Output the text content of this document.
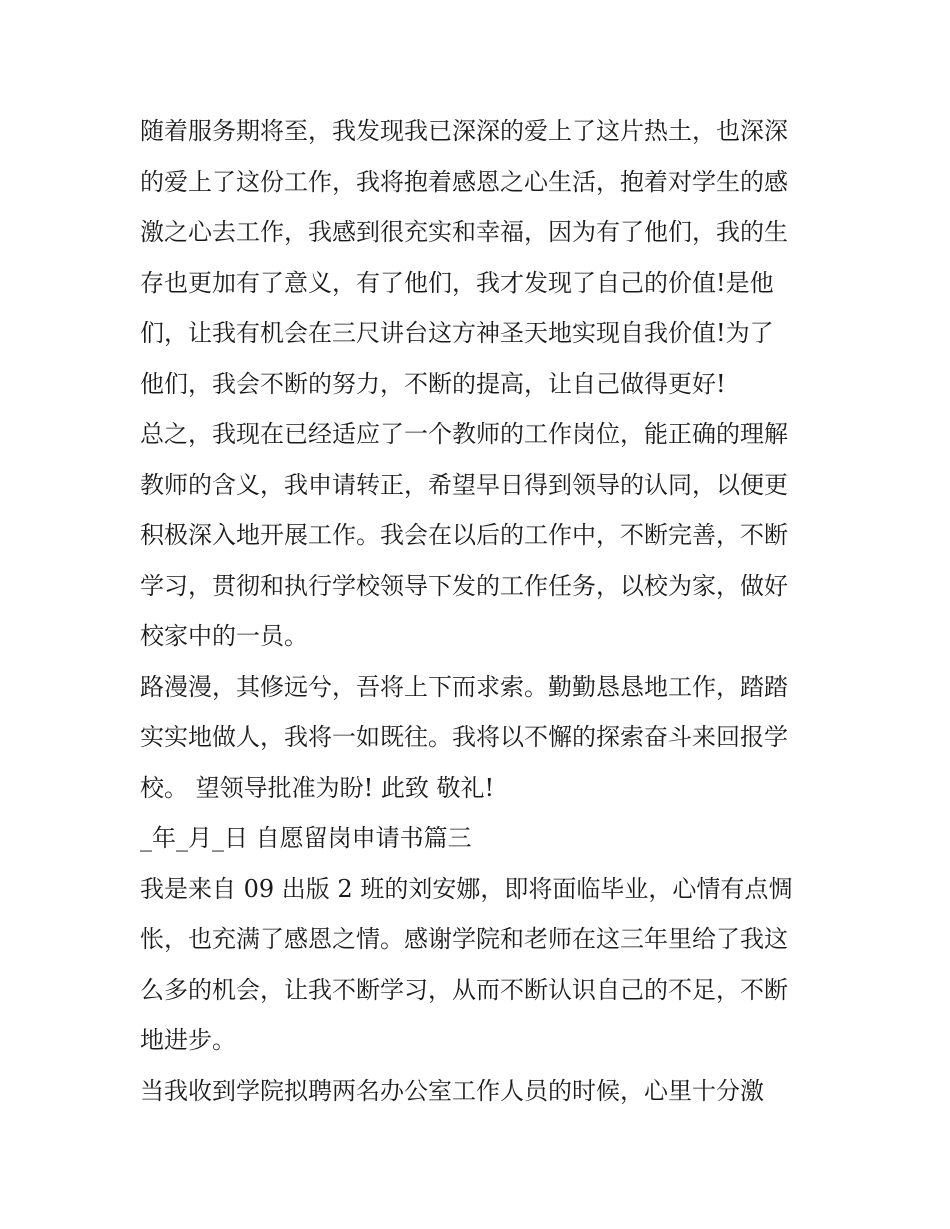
随着服务期将至，我发现我已深深的爱上了这片热土，也深深
的爱上了这份工作，我将抱着感恩之心生活，抱着对学生的感
激之心去工作，我感到很充实和幸福，因为有了他们，我的生
存也更加有了意义，有了他们，我才发现了自己的价值!是他
们，让我有机会在三尺讲台这方神圣天地实现自我价值!为了
他们，我会不断的努力，不断的提高，让自己做得更好!
总之，我现在已经适应了一个教师的工作岗位，能正确的理解
教师的含义，我申请转正，希望早日得到领导的认同，以便更
积极深入地开展工作。我会在以后的工作中，不断完善，不断
学习，贯彻和执行学校领导下发的工作任务，以校为家，做好
校家中的一员。
路漫漫，其修远兮，吾将上下而求索。勤勤恳恳地工作，踏踏
实实地做人，我将一如既往。我将以不懈的探索奋斗来回报学
校。 望领导批准为盼! 此致 敬礼!
_年_月_日 自愿留岗申请书篇三
我是来自 09 出版 2 班的刘安娜，即将面临毕业，心情有点惆
怅，也充满了感恩之情。感谢学院和老师在这三年里给了我这
么多的机会，让我不断学习，从而不断认识自己的不足，不断
地进步。
当我收到学院拟聘两名办公室工作人员的时候，心里十分激
